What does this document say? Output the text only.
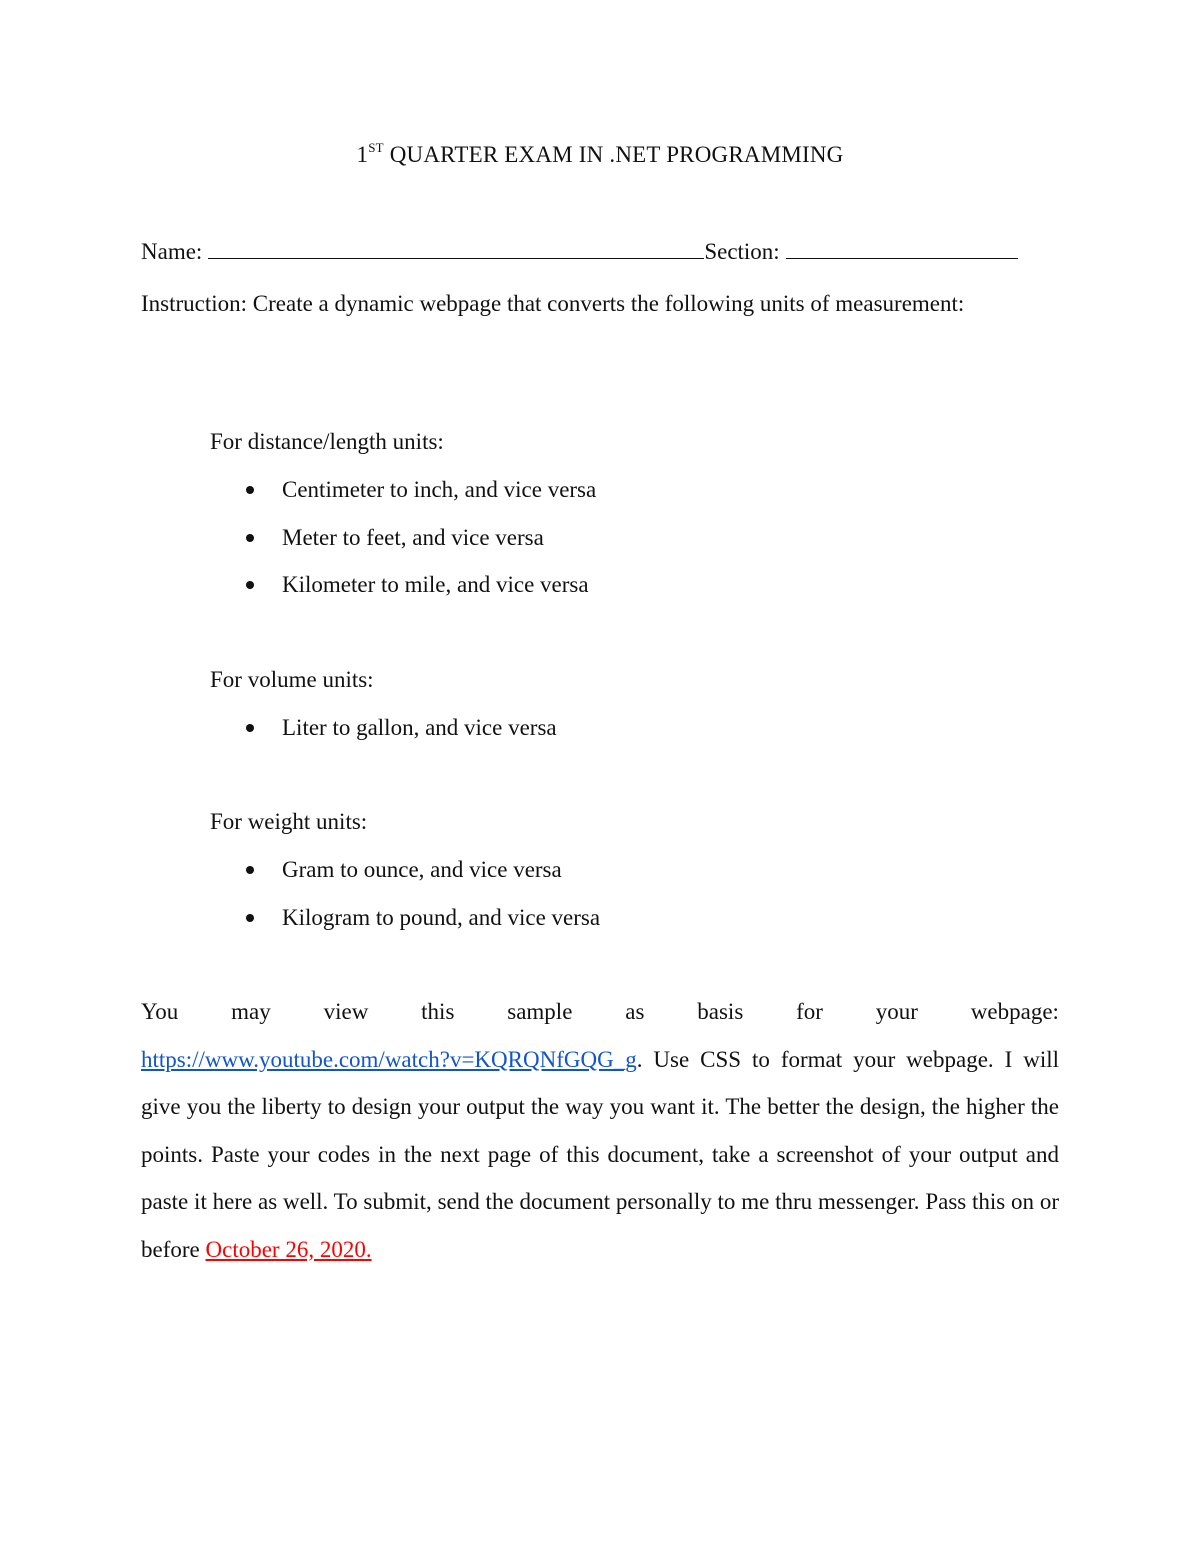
1ST QUARTER EXAM IN .NET PROGRAMMING
Name:	Section:
Instruction: Create a dynamic webpage that converts the following units of measurement:
For distance/length units:
Centimeter to inch, and vice versa
Meter to feet, and vice versa
Kilometer to mile, and vice versa
For volume units:
Liter to gallon, and vice versa
For weight units:
Gram to ounce, and vice versa
Kilogram to pound, and vice versa
You may view this sample as basis for your webpage:
https://www.youtube.com/watch?v=KQRQNfGQG_g. Use CSS to format your webpage. I will give you the liberty to design your output the way you want it. The better the design, the higher the points. Paste your codes in the next page of this document, take a screenshot of your output and paste it here as well. To submit, send the document personally to me thru messenger. Pass this on or before October 26, 2020.
